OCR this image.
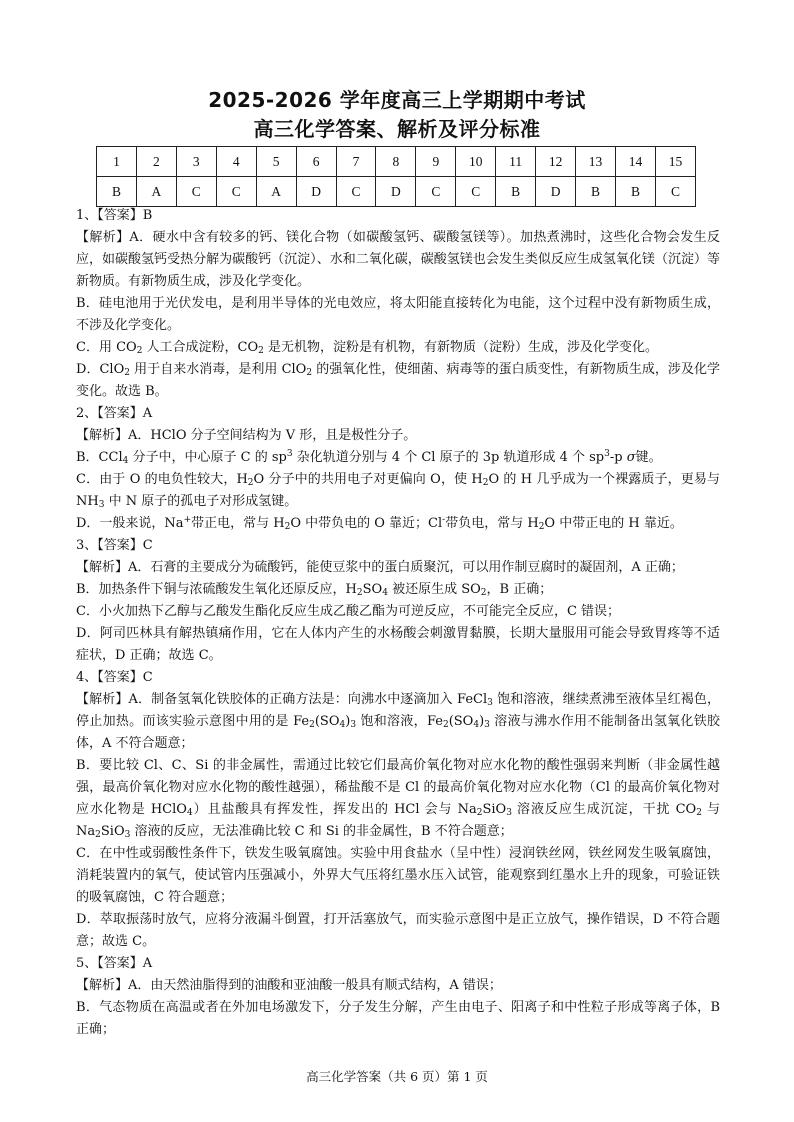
2025-2026 学年度高三上学期期中考试
高三化学答案、解析及评分标准
1	2	3	4	5	6	7	8	9	10	11	12	13	14	15
B	A	C	C	A	D	C	D	C	C	B	D	B	B	C

1、【答案】B

【解析】A．硬水中含有较多的钙、镁化合物（如碳酸氢钙、碳酸氢镁等）。加热煮沸时，这些化合物会发生反应，如碳酸氢钙受热分解为碳酸钙（沉淀）、水和二氧化碳，碳酸氢镁也会发生类似反应生成氢氧化镁（沉淀）等新物质。有新物质生成，涉及化学变化。

B．硅电池用于光伏发电，是利用半导体的光电效应，将太阳能直接转化为电能，这个过程中没有新物质生成，不涉及化学变化。

C．用 $CO_2$ 人工合成淀粉，$CO_2$ 是无机物，淀粉是有机物，有新物质（淀粉）生成，涉及化学变化。

D．ClO$_2$ 用于自来水消毒，是利用 ClO$_2$ 的强氧化性，使细菌、病毒等的蛋白质变性，有新物质生成，涉及化学变化。故选 B。

2、【答案】A

【解析】A．HClO 分子空间结构为 V 形，且是极性分子。

B．CCl$_4$ 分子中，中心原子 C 的 $sp^3$ 杂化轨道分别与 4 个 Cl 原子的 3p 轨道形成 4 个 $sp^3-p$ σ键。

C．由于 O 的电负性较大，$H_2O$ 分子中的共用电子对更偏向 O，使 $H_2O$ 的 H 几乎成为一个裸露质子，更易与 $NH_3$ 中 N 原子的孤电子对形成氢键。

D．一般来说，Na+带正电，常与 $H_2O$ 中带负电的 O 靠近；Cl-带负电，常与 $H_2O$ 中带正电的 H 靠近。

3、【答案】C

【解析】A．石膏的主要成分为硫酸钙，能使豆浆中的蛋白质聚沉，可以用作制豆腐时的凝固剂，A 正确；

B．加热条件下铜与浓硫酸发生氧化还原反应，$H_2SO_4$ 被还原生成 $SO_2$，B 正确；

C．小火加热下乙醇与乙酸发生酯化反应生成乙酸乙酯为可逆反应，不可能完全反应，C 错误；

D．阿司匹林具有解热镇痛作用，它在人体内产生的水杨酸会刺激胃黏膜，长期大量服用可能会导致胃疼等不适症状，D 正确；故选 C。

4、【答案】C

【解析】A．制备氢氧化铁胶体的正确方法是：向沸水中逐滴加入 FeCl$_3$ 饱和溶液，继续煮沸至液体呈红褐色，停止加热。而该实验示意图中用的是 $Fe_2(SO_4)_3$ 饱和溶液，$Fe_2(SO_4)_3$ 溶液与沸水作用不能制备出氢氧化铁胶体，A 不符合题意；

B．要比较 Cl、C、Si 的非金属性，需通过比较它们最高价氧化物对应水化物的酸性强弱来判断（非金属性越强，最高价氧化物对应水化物的酸性越强），稀盐酸不是 Cl 的最高价氧化物对应水化物（Cl 的最高价氧化物对应水化物是 HClO$_4$）且盐酸具有挥发性，挥发出的 HCl 会与 $Na_2SiO_3$ 溶液反应生成沉淀，干扰 $CO_2$ 与 $Na_2SiO_3$ 溶液的反应，无法准确比较 C 和 Si 的非金属性，B 不符合题意；

C．在中性或弱酸性条件下，铁发生吸氧腐蚀。实验中用食盐水（呈中性）浸润铁丝网，铁丝网发生吸氧腐蚀，消耗装置内的氧气，使试管内压强减小，外界大气压将红墨水压入试管，能观察到红墨水上升的现象，可验证铁的吸氧腐蚀，C 符合题意；

D．萃取振荡时放气，应将分液漏斗倒置，打开活塞放气，而实验示意图中是正立放气，操作错误，D 不符合题意；故选 C。

5、【答案】A

【解析】A．由天然油脂得到的油酸和亚油酸一般具有顺式结构，A 错误；

B．气态物质在高温或者在外加电场激发下，分子发生分解，产生由电子、阳离子和中性粒子形成等离子体，B 正确；

高三化学答案（共 6 页）第 1 页
